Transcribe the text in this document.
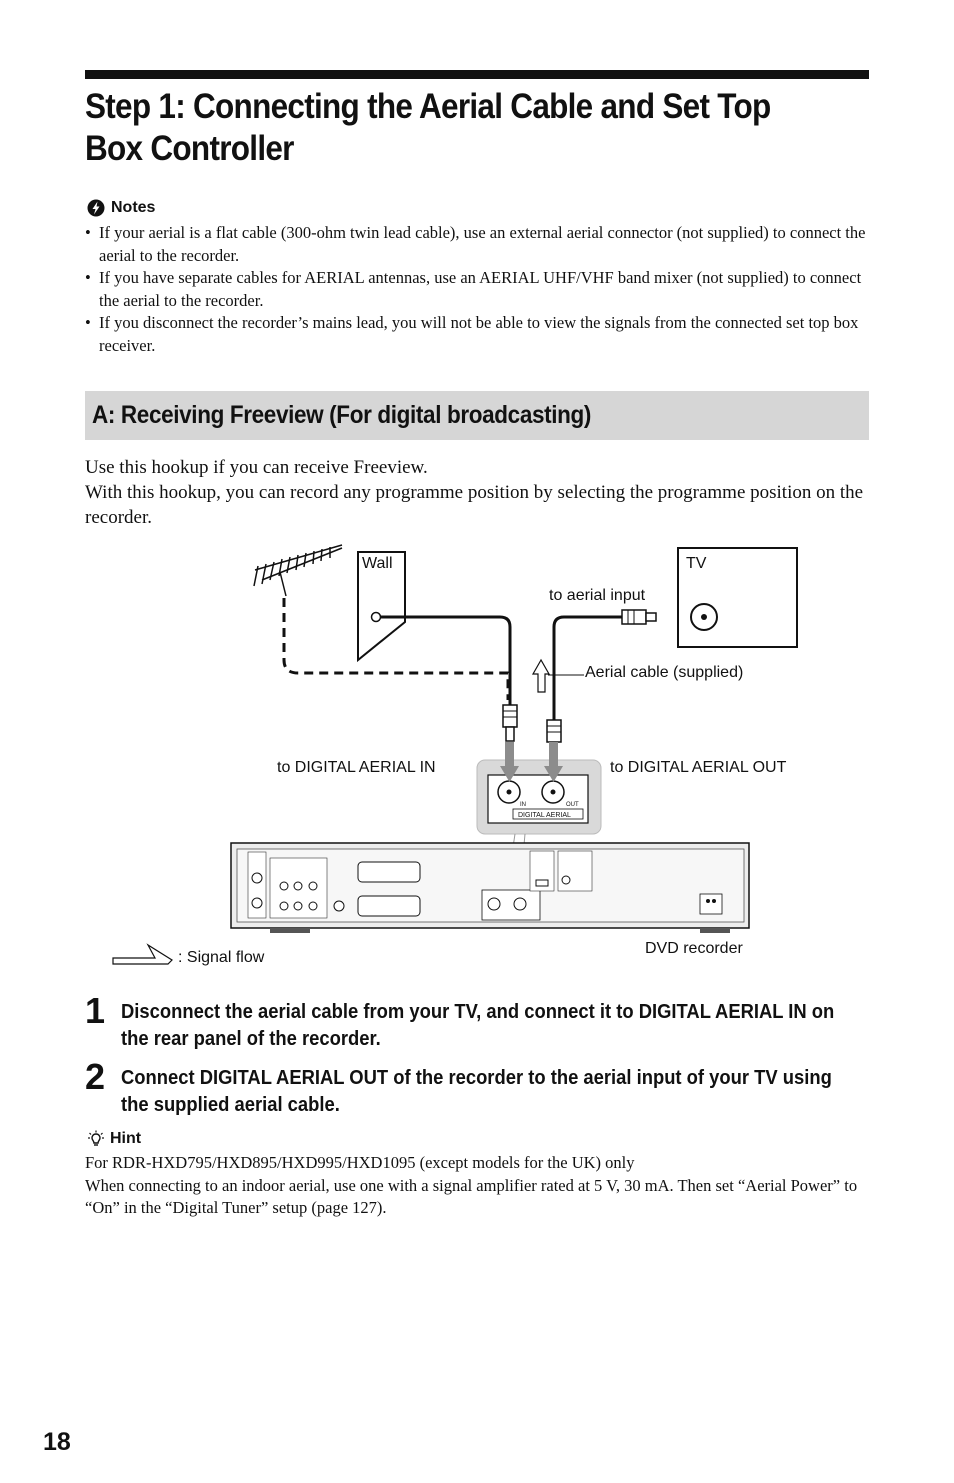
Step 1: Connecting the Aerial Cable and Set Top Box Controller
Notes
• If your aerial is a flat cable (300-ohm twin lead cable), use an external aerial connector (not supplied) to connect the aerial to the recorder.
• If you have separate cables for AERIAL antennas, use an AERIAL UHF/VHF band mixer (not supplied) to connect the aerial to the recorder.
• If you disconnect the recorder’s mains lead, you will not be able to view the signals from the connected set top box receiver.
A: Receiving Freeview (For digital broadcasting)

Use this hookup if you can receive Freeview.

With this hookup, you can record any programme position by selecting the programme position on the recorder.

Wall	TV
to aerial input
Aerial cable (supplied)
to DIGITAL AERIAL IN	to DIGITAL AERIAL OUT
IN	OUT
DIGITAL AERIAL
DVD recorder
: Signal flow
1 Disconnect the aerial cable from your TV, and connect it to DIGITAL AERIAL IN on the rear panel of the recorder.
2 Connect DIGITAL AERIAL OUT of the recorder to the aerial input of your TV using the supplied aerial cable.
Hint

For RDR-HXD795/HXD895/HXD995/HXD1095 (except models for the UK) only

When connecting to an indoor aerial, use one with a signal amplifier rated at 5 V, 30 mA. Then set “Aerial Power” to “On” in the “Digital Tuner” setup (page 127).

18
